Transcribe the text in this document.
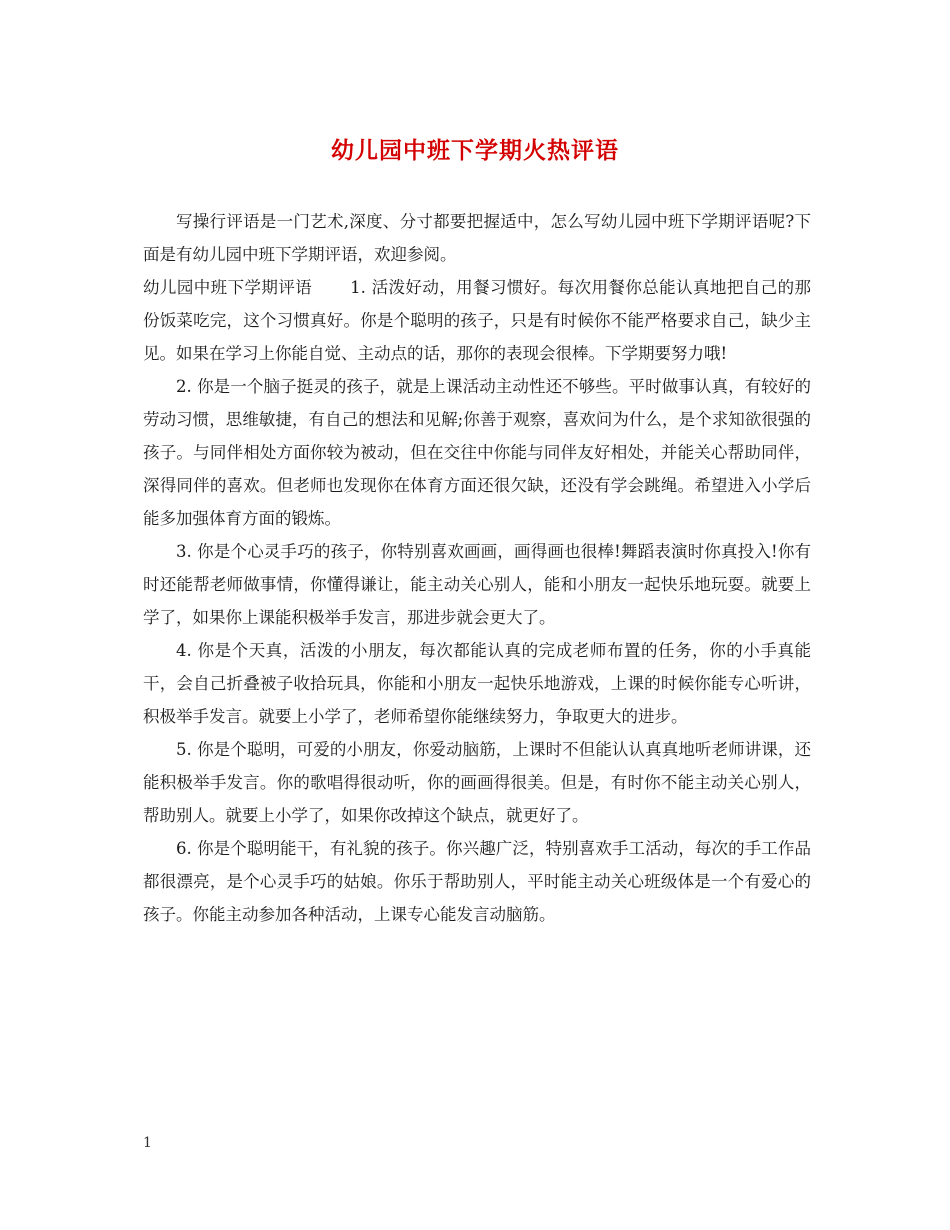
幼儿园中班下学期火热评语

写操行评语是一门艺术,深度、分寸都要把握适中，怎么写幼儿园中班下学期评语呢?下面是有幼儿园中班下学期评语，欢迎参阅。

幼儿园中班下学期评语 1. 活泼好动，用餐习惯好。每次用餐你总能认真地把自己的那份饭菜吃完，这个习惯真好。你是个聪明的孩子，只是有时候你不能严格要求自己，缺少主见。如果在学习上你能自觉、主动点的话，那你的表现会很棒。下学期要努力哦!

2. 你是一个脑子挺灵的孩子，就是上课活动主动性还不够些。平时做事认真，有较好的劳动习惯，思维敏捷，有自己的想法和见解;你善于观察，喜欢问为什么，是个求知欲很强的孩子。与同伴相处方面你较为被动，但在交往中你能与同伴友好相处，并能关心帮助同伴，深得同伴的喜欢。但老师也发现你在体育方面还很欠缺，还没有学会跳绳。希望进入小学后能多加强体育方面的锻炼。

3. 你是个心灵手巧的孩子，你特别喜欢画画，画得画也很棒!舞蹈表演时你真投入!你有时还能帮老师做事情，你懂得谦让，能主动关心别人，能和小朋友一起快乐地玩耍。就要上学了，如果你上课能积极举手发言，那进步就会更大了。

4. 你是个天真，活泼的小朋友，每次都能认真的完成老师布置的任务，你的小手真能干，会自己折叠被子收拾玩具，你能和小朋友一起快乐地游戏，上课的时候你能专心听讲，积极举手发言。就要上小学了，老师希望你能继续努力，争取更大的进步。

5. 你是个聪明，可爱的小朋友，你爱动脑筋，上课时不但能认认真真地听老师讲课，还能积极举手发言。你的歌唱得很动听，你的画画得很美。但是，有时你不能主动关心别人，帮助别人。就要上小学了，如果你改掉这个缺点，就更好了。

6. 你是个聪明能干，有礼貌的孩子。你兴趣广泛，特别喜欢手工活动，每次的手工作品都很漂亮，是个心灵手巧的姑娘。你乐于帮助别人，平时能主动关心班级体是一个有爱心的孩子。你能主动参加各种活动，上课专心能发言动脑筋。

1
